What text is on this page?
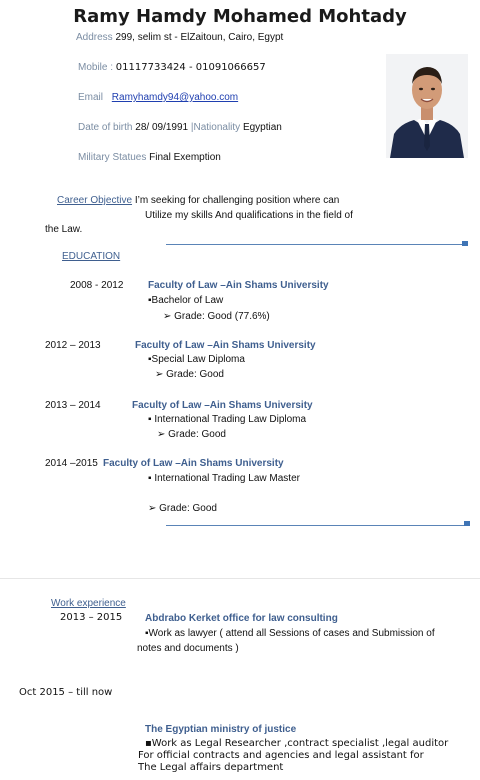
Ramy Hamdy Mohamed Mohtady
Address 299, selim st - ElZaitoun, Cairo, Egypt
Mobile : 01117733424 - 01091066657
Email Ramyhamdy94@yahoo.com
Date of birth 28/ 09/1991 |Nationality Egyptian
Military Statues Final Exemption
Career Objective I’m seeking for challenging position where can
Utilize my skills And qualifications in the field of
the Law.
EDUCATION
2008 - 2012 Faculty of Law –Ain Shams University
▪Bachelor of Law
➢ Grade: Good (77.6%)
2012 – 2013	Faculty of Law –Ain Shams University
▪Special Law Diploma
➢ Grade: Good
2013 – 2014	Faculty of Law –Ain Shams University
▪ International Trading Law Diploma
➢ Grade: Good
2014 –2015 Faculty of Law –Ain Shams University
▪ International Trading Law Master
➢ Grade: Good
Work experience
2013 – 2015 Abdrabo Kerket office for law consulting
▪Work as lawyer ( attend all Sessions of cases and Submission of
notes and documents )
Oct 2015 – till now
The Egyptian ministry of justice
▪Work as Legal Researcher ,contract specialist ,legal auditor
For official contracts and agencies and legal assistant for
The Legal affairs department
